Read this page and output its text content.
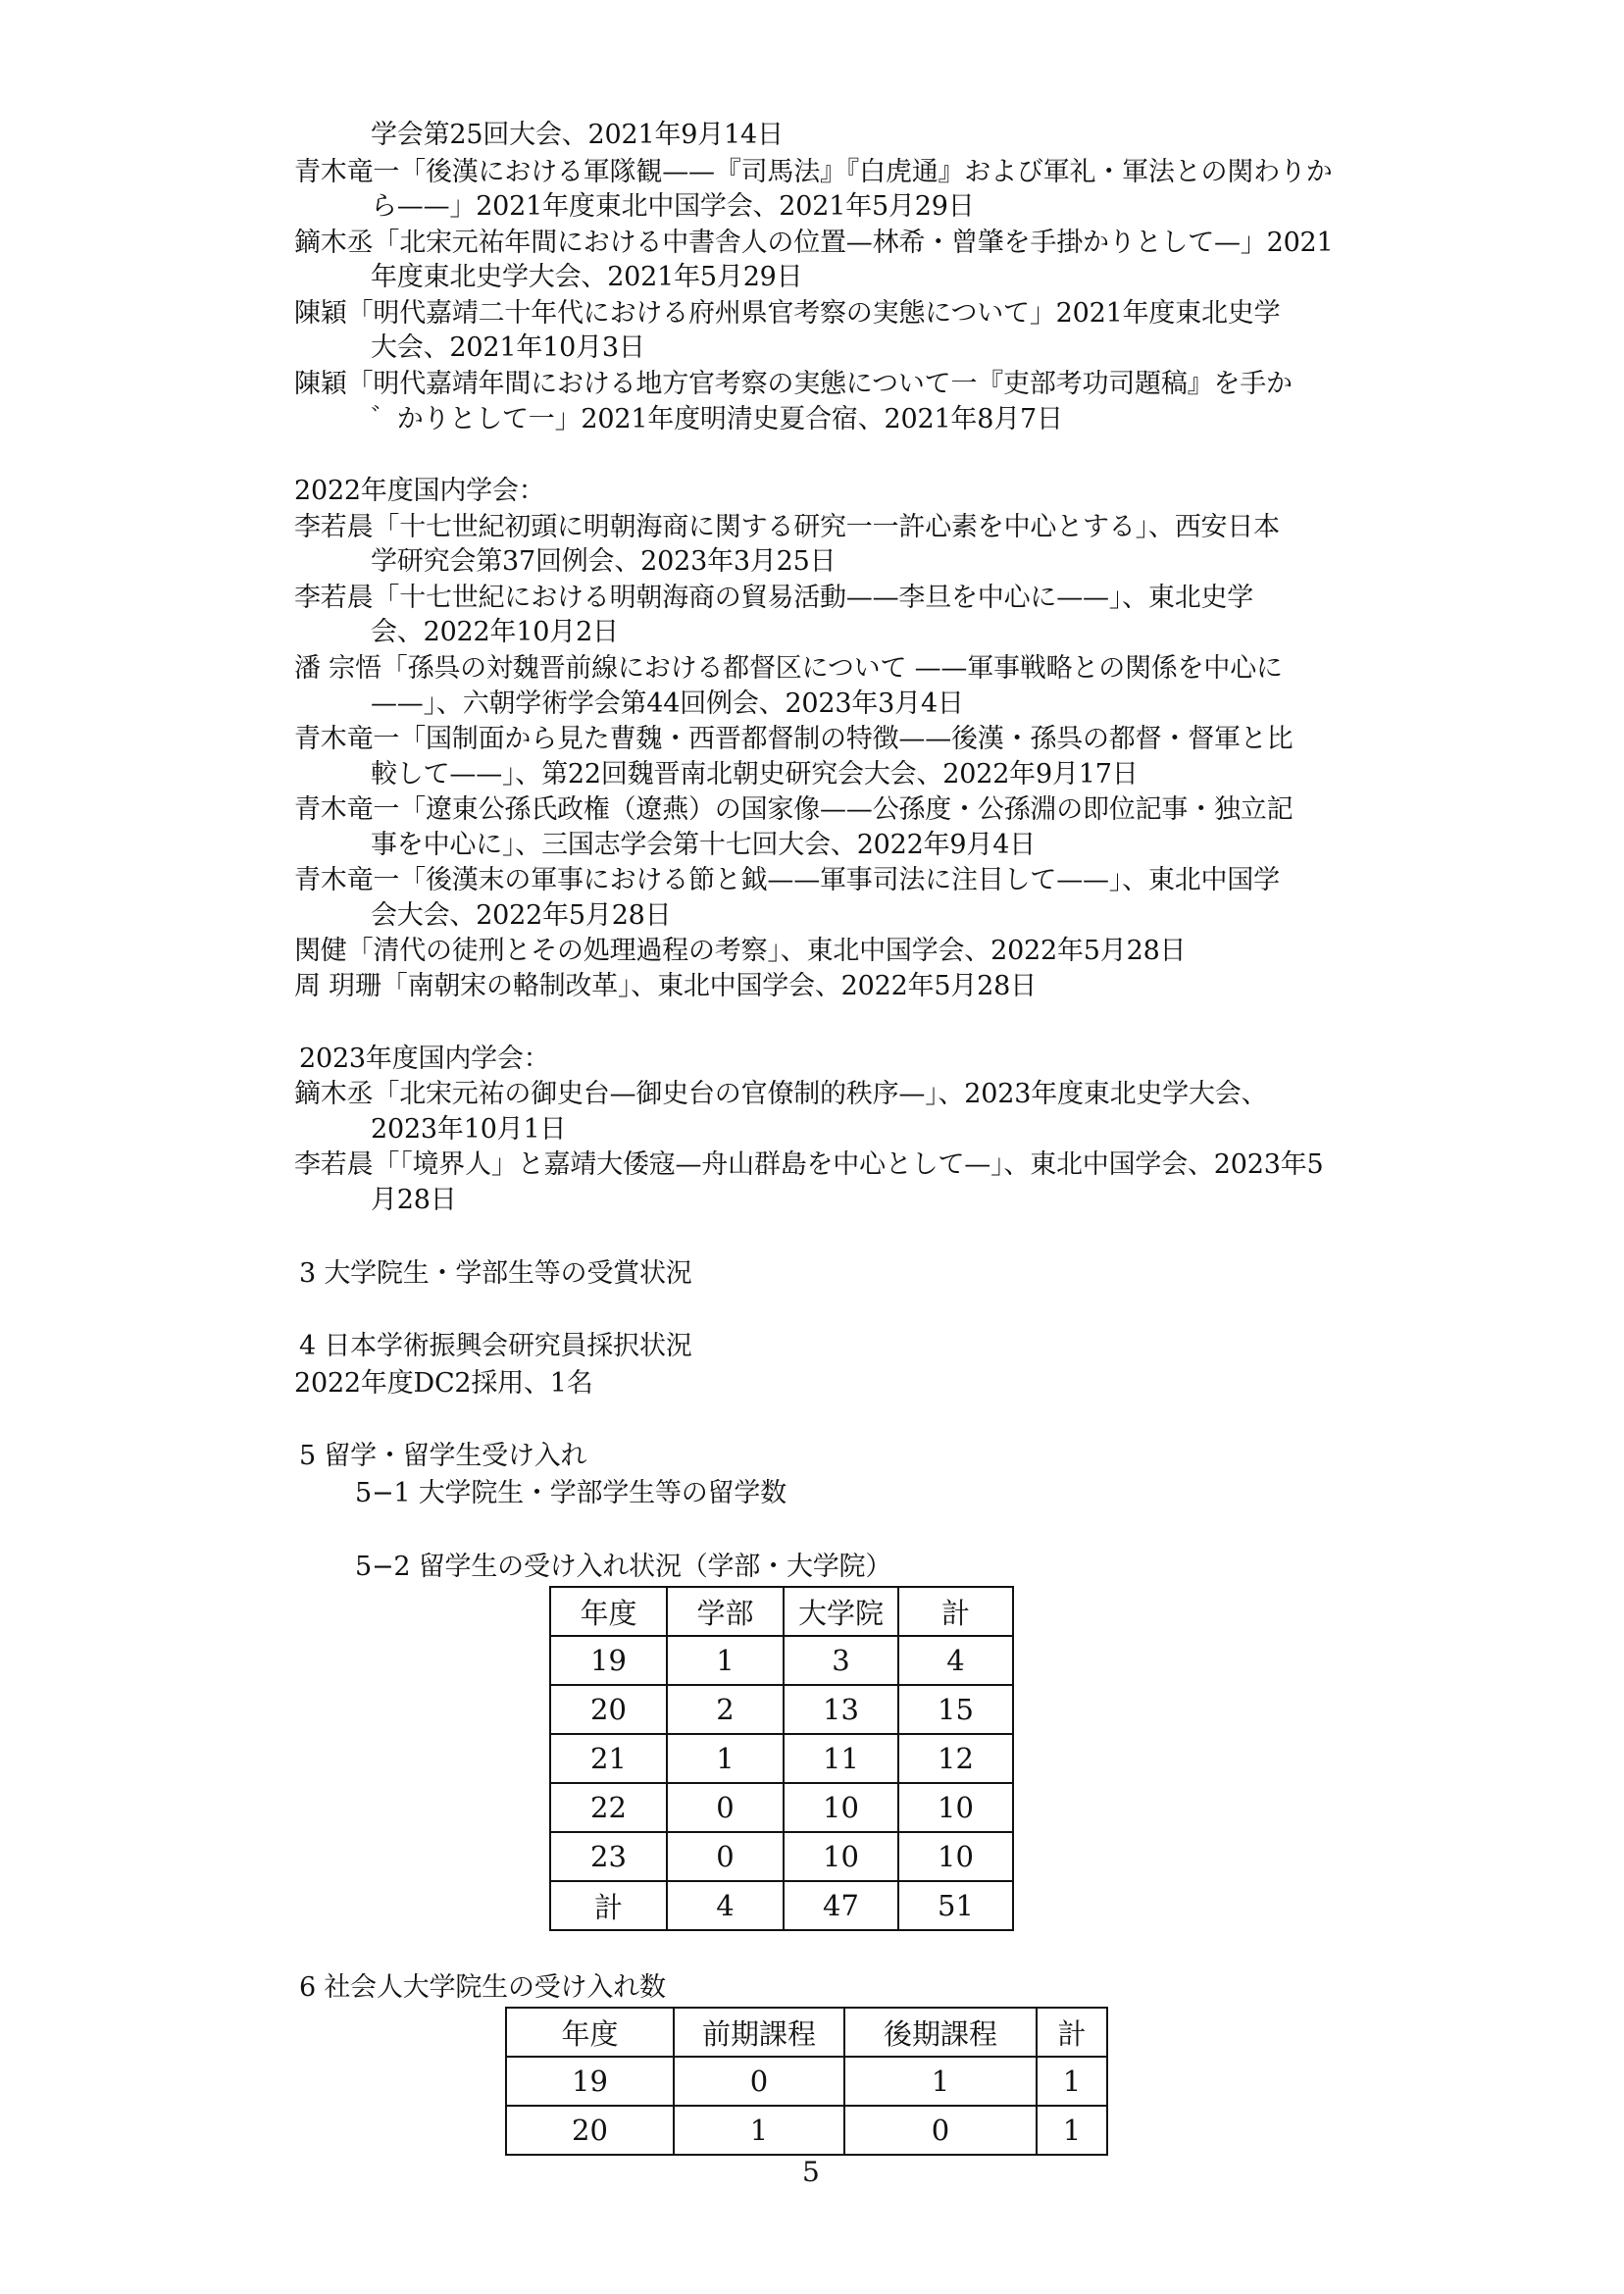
学会第25回大会、2021年9月14日
青木竜一「後漢における軍隊観——『司馬法』『白虎通』および軍礼・軍法との関わりか
ら——」2021年度東北中国学会、2021年5月29日
鏑木丞「北宋元祐年間における中書舎人の位置—林希・曾肇を手掛かりとして—」2021
年度東北史学大会、2021年5月29日
陳穎「明代嘉靖二十年代における府州県官考察の実態について」2021年度東北史学
大会、2021年10月3日
陳穎「明代嘉靖年間における地方官考察の実態について一『吏部考功司題稿』を手か
゛かりとして一」2021年度明清史夏合宿、2021年8月7日
2022年度国内学会：
李若晨「十七世紀初頭に明朝海商に関する研究一一許心素を中心とする」、西安日本
学研究会第37回例会、2023年3月25日
李若晨「十七世紀における明朝海商の貿易活動——李旦を中心に——」、東北史学
会、2022年10月2日
潘 宗悟「孫呉の対魏晋前線における都督区について ——軍事戦略との関係を中心に
——」、六朝学術学会第44回例会、2023年3月4日
青木竜一「国制面から見た曹魏・西晋都督制の特徴——後漢・孫呉の都督・督軍と比
較して——」、第22回魏晋南北朝史研究会大会、2022年9月17日
青木竜一「遼東公孫氏政権（遼燕）の国家像——公孫度・公孫淵の即位記事・独立記
事を中心に」、三国志学会第十七回大会、2022年9月4日
青木竜一「後漢末の軍事における節と鉞——軍事司法に注目して——」、東北中国学
会大会、2022年5月28日
関健「清代の徒刑とその処理過程の考察」、東北中国学会、2022年5月28日
周 玥珊「南朝宋の輅制改革」、東北中国学会、2022年5月28日
2023年度国内学会：
鏑木丞「北宋元祐の御史台—御史台の官僚制的秩序—」、2023年度東北史学大会、
2023年10月1日
李若晨「「境界人」と嘉靖大倭寇—舟山群島を中心として—」、東北中国学会、2023年5
月28日
3 大学院生・学部生等の受賞状況
4 日本学術振興会研究員採択状況
2022年度DC2採用、1名
5 留学・留学生受け入れ
5−1 大学院生・学部学生等の留学数
5−2 留学生の受け入れ状況（学部・大学院）
年度	学部	大学院	計
19	1	3	4
20	2	13	15
21	1	11	12
22	0	10	10
23	0	10	10
計	4	47	51
6 社会人大学院生の受け入れ数
年度	前期課程	後期課程	計
19	0	1	1
20	1	0	1
5
